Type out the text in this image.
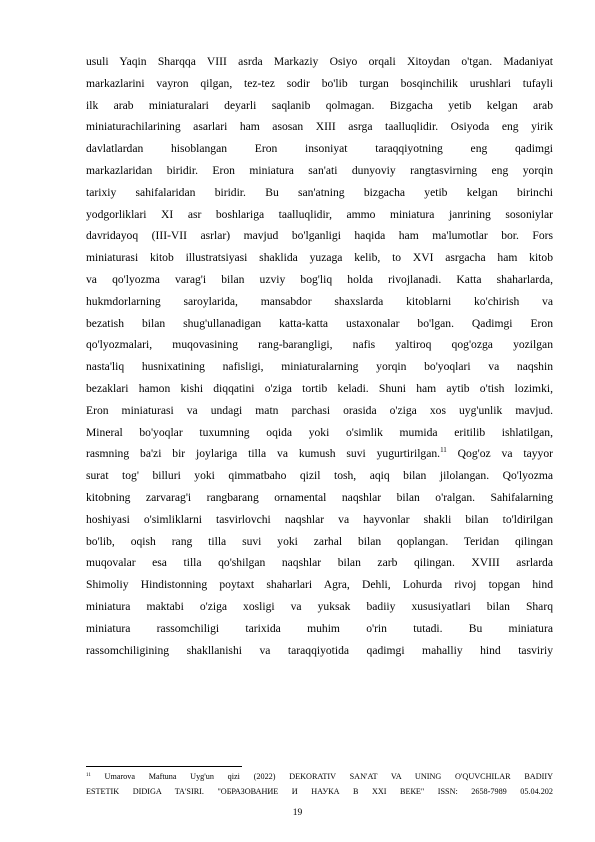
usuli Yaqin Sharqqa VIII asrda Markaziy Osiyo orqali Xitoydan o'tgan. Madaniyat
markazlarini vayron qilgan, tez-tez sodir bo'lib turgan bosqinchilik urushlari tufayli
ilk arab miniaturalari deyarli saqlanib qolmagan. Bizgacha yetib kelgan arab
miniaturachilarining asarlari ham asosan XIII asrga taalluqlidir. Osiyoda eng yirik
davlatlardan hisoblangan Eron insoniyat taraqqiyotning eng qadimgi
markazlaridan biridir. Eron miniatura san'ati dunyoviy rangtasvirning eng yorqin
tarixiy sahifalaridan biridir. Bu san'atning bizgacha yetib kelgan birinchi
yodgorliklari XI asr boshlariga taalluqlidir, ammo miniatura janrining sosoniylar
davridayoq (III-VII asrlar) mavjud bo'lganligi haqida ham ma'lumotlar bor. Fors
miniaturasi kitob illustratsiyasi shaklida yuzaga kelib, to XVI asrgacha ham kitob
va qo'lyozma varag'i bilan uzviy bog'liq holda rivojlanadi. Katta shaharlarda,
hukmdorlarning saroylarida, mansabdor shaxslarda kitoblarni ko'chirish va
bezatish bilan shug'ullanadigan katta-katta ustaxonalar bo'lgan. Qadimgi Eron
qo'lyozmalari, muqovasining rang-barangligi, nafis yaltiroq qog'ozga yozilgan
nasta'liq husnixatining nafisligi, miniaturalarning yorqin bo'yoqlari va naqshin
bezaklari hamon kishi diqqatini o'ziga tortib keladi. Shuni ham aytib o'tish lozimki,
Eron miniaturasi va undagi matn parchasi orasida o'ziga xos uyg'unlik mavjud.
Mineral bo'yoqlar tuxumning oqida yoki o'simlik mumida eritilib ishlatilgan,
rasmning ba'zi bir joylariga tilla va kumush suvi yugurtirilgan.$^{11}$ Qog'oz va tayyor
surat tog' billuri yoki qimmatbaho qizil tosh, aqiq bilan jilolangan. Qo'lyozma
kitobning zarvarag'i rangbarang ornamental naqshlar bilan o'ralgan. Sahifalarning
hoshiyasi o'simliklarni tasvirlovchi naqshlar va hayvonlar shakli bilan to'ldirilgan
bo'lib, oqish rang tilla suvi yoki zarhal bilan qoplangan. Teridan qilingan
muqovalar esa tilla qo'shilgan naqshlar bilan zarb qilingan. XVIII asrlarda
Shimoliy Hindistonning poytaxt shaharlari Agra, Dehli, Lohurda rivoj topgan hind
miniatura maktabi o'ziga xosligi va yuksak badiiy xususiyatlari bilan Sharq
miniatura rassomchiligi tarixida muhim o'rin tutadi. Bu miniatura
rassomchiligining shakllanishi va taraqqiyotida qadimgi mahalliy hind tasviriy
$^{11}$ Umarova Maftuna Uyg'un qizi (2022) DEKORATIV SAN'AT VA UNING O'QUVCHILAR BADIIY
ESTETIK DIDIGA TA'SIRI. "ОБРАЗОВАНИЕ И НАУКА В XXI ВЕКЕ" ISSN: 2658-7989 05.04.202
19
